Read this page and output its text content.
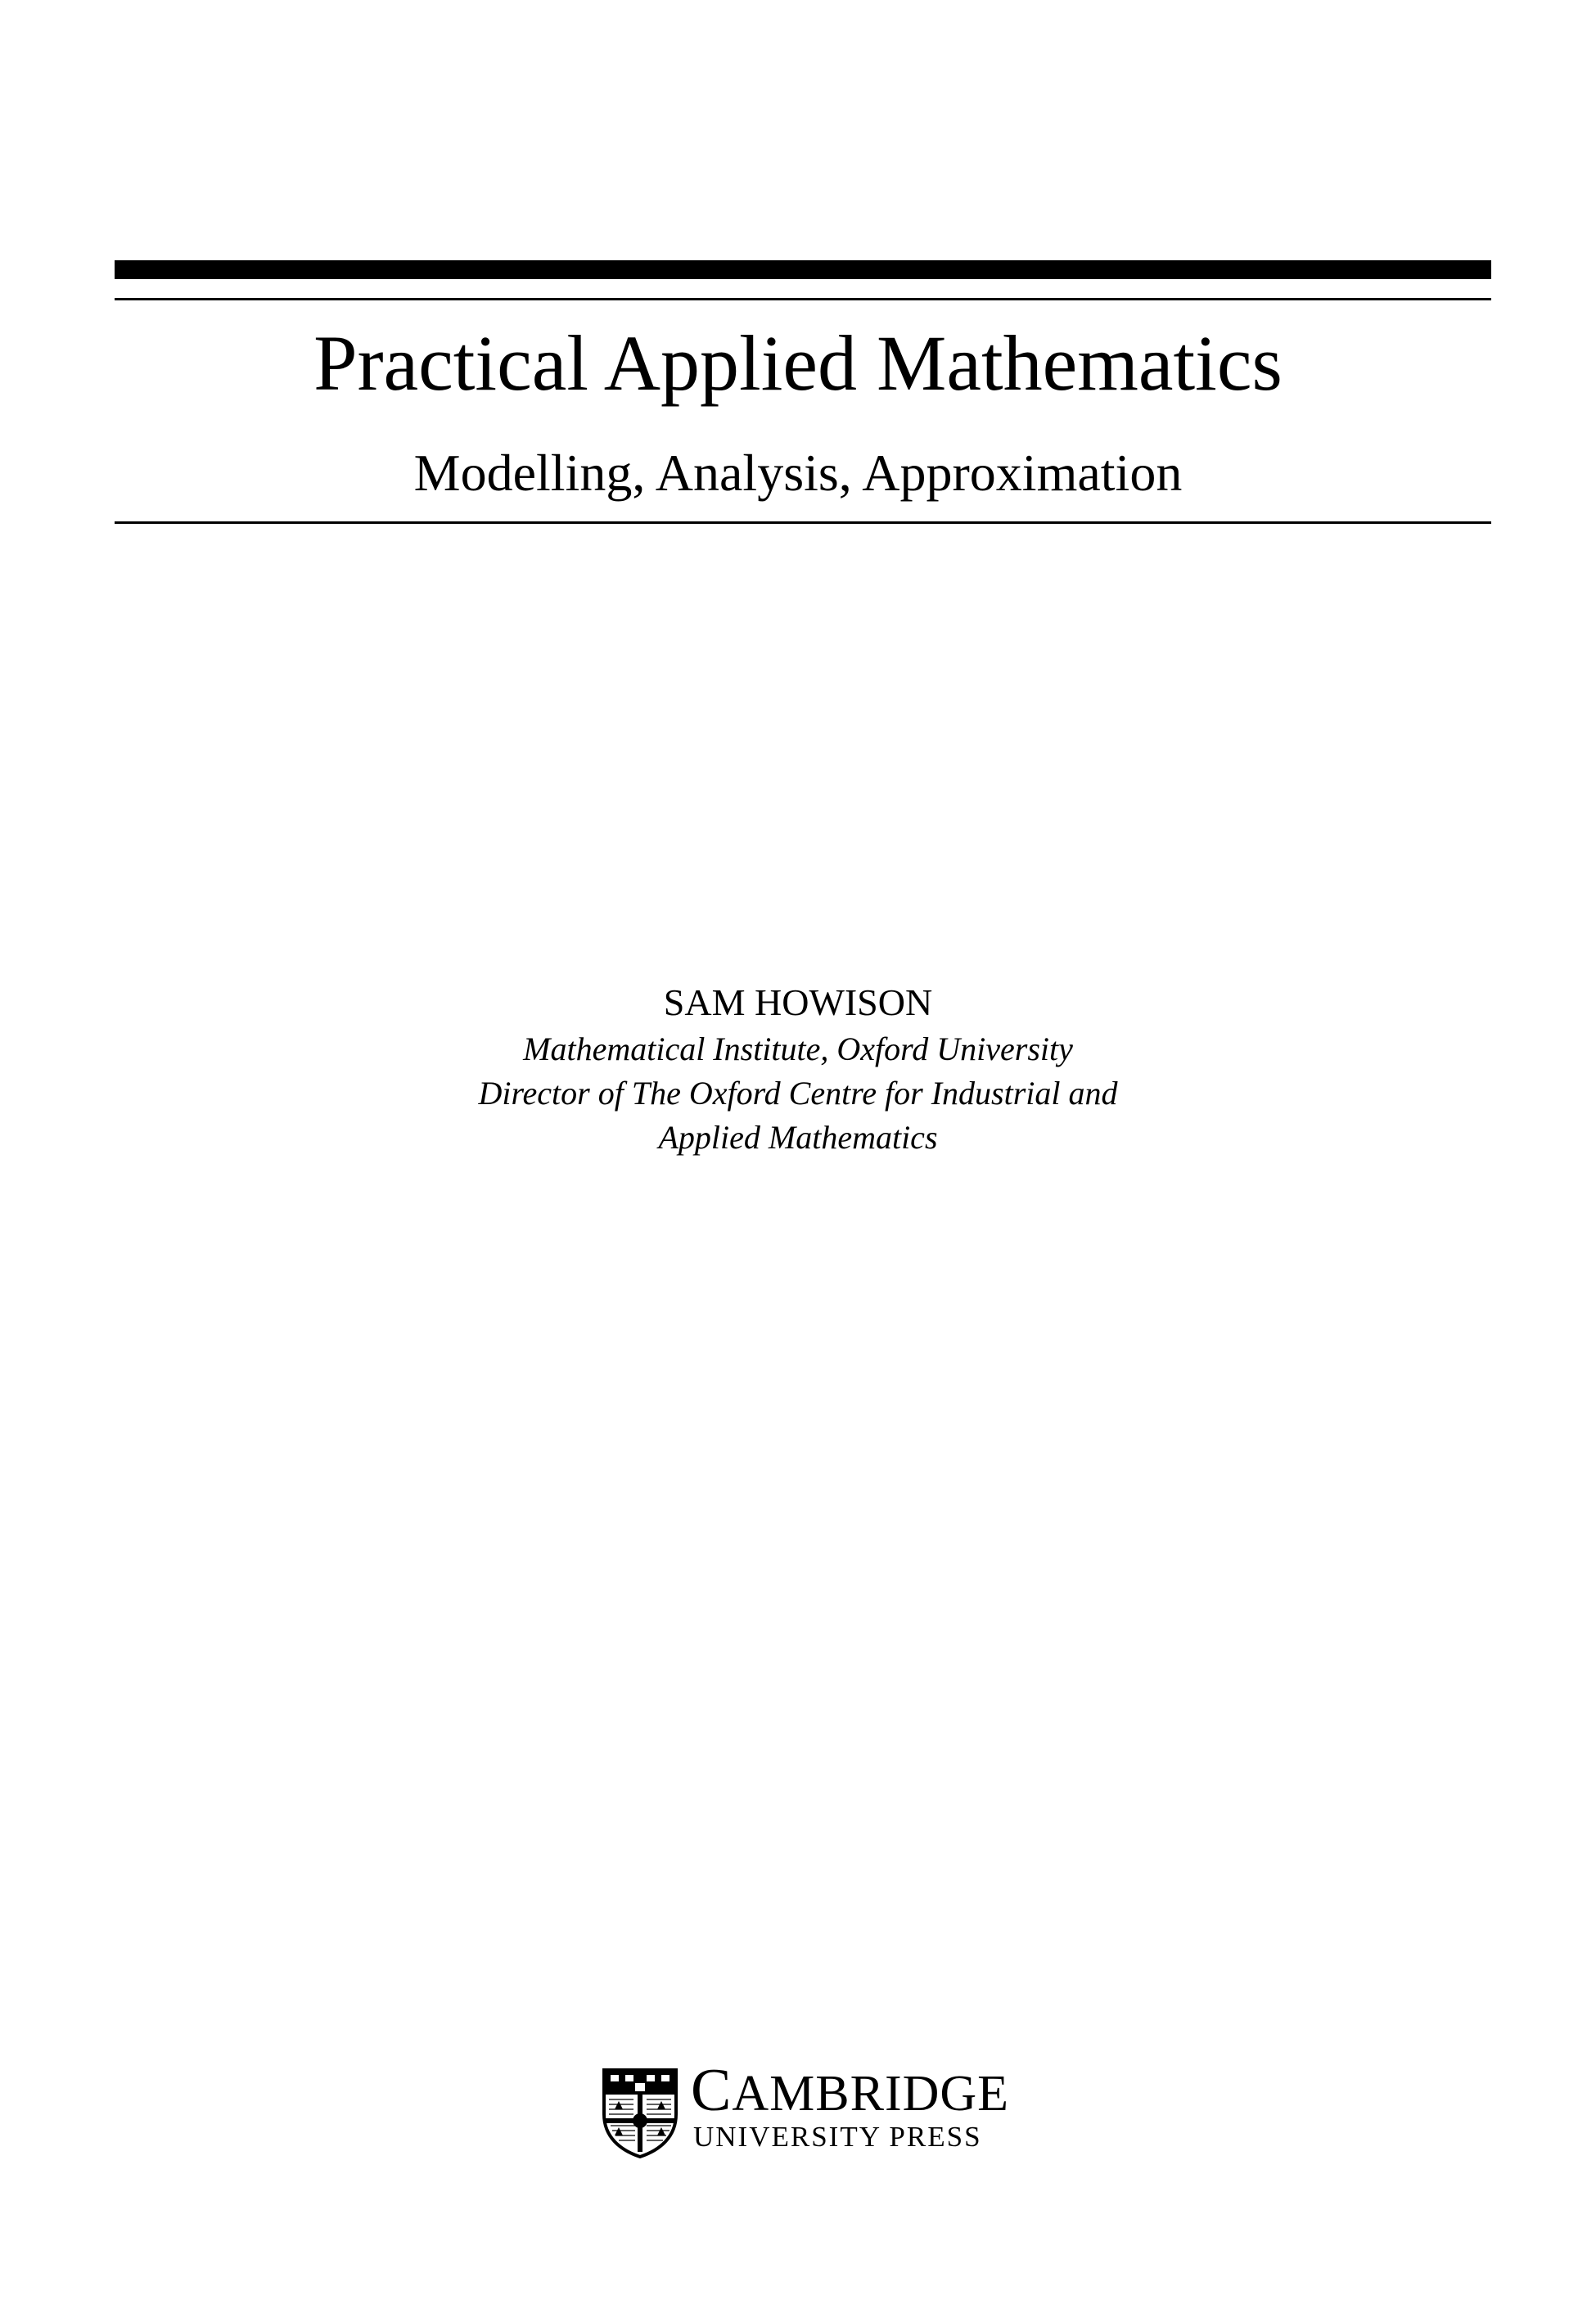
Practical Applied Mathematics
Modelling, Analysis, Approximation
SAM HOWISON
Mathematical Institute, Oxford University
Director of The Oxford Centre for Industrial and
Applied Mathematics
CAMBRIDGE
UNIVERSITY PRESS
